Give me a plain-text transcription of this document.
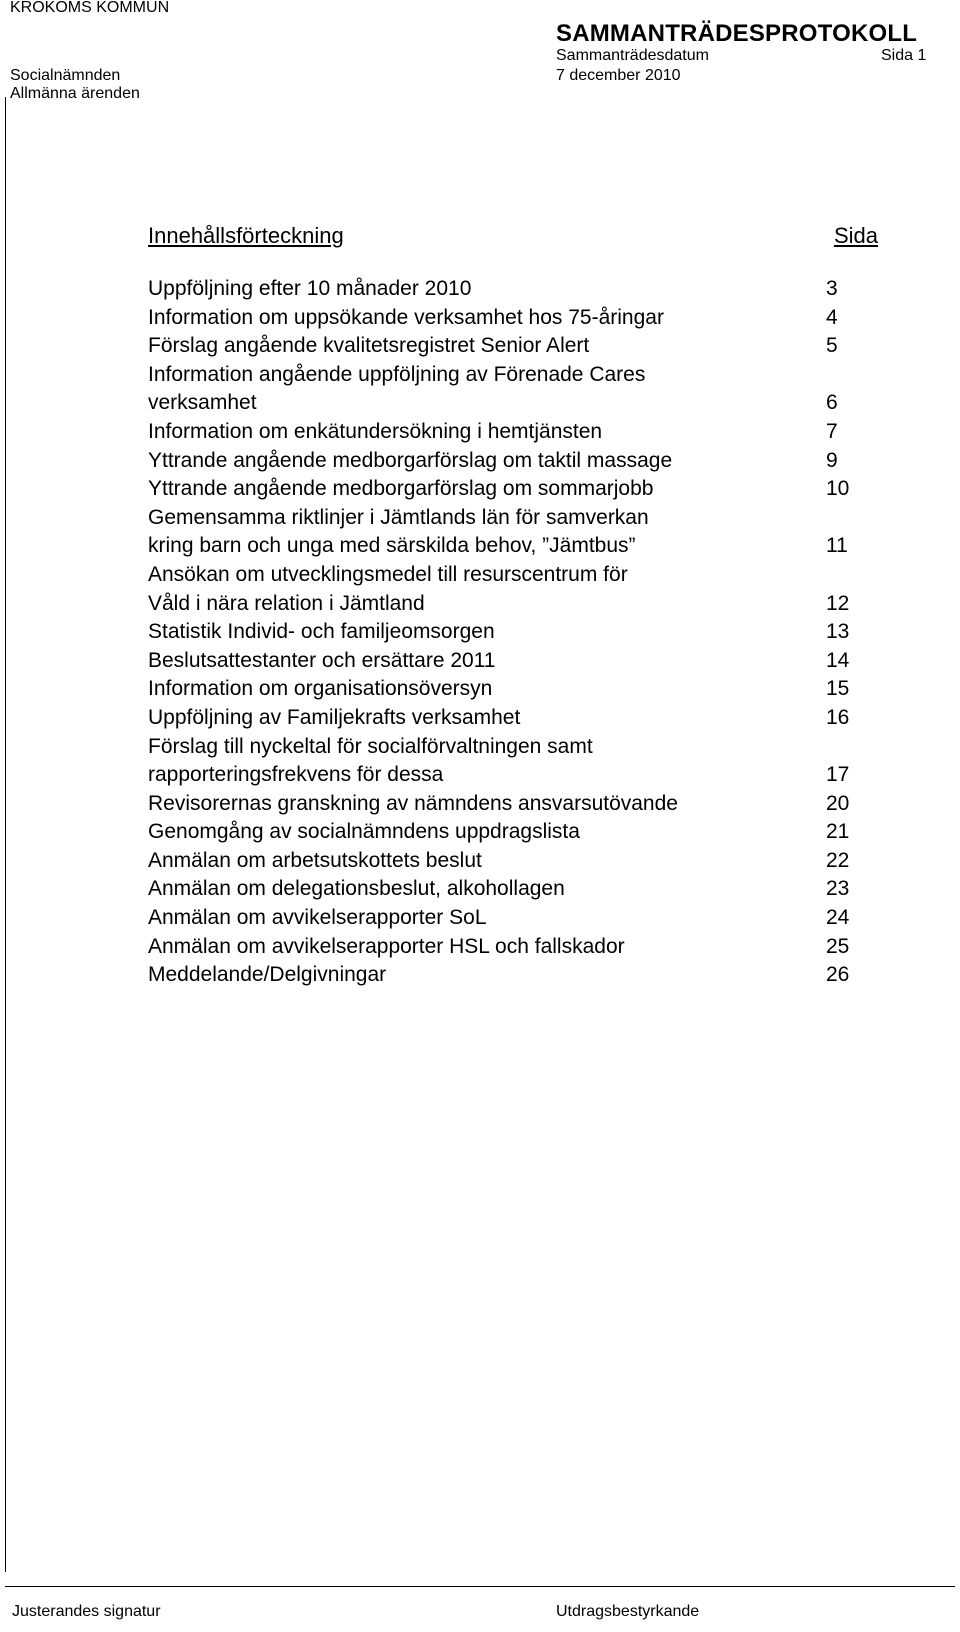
KROKOMS KOMMUN
SAMMANTRÄDESPROTOKOLL
Sammanträdesdatum	Sida 1
Socialnämnden	7 december 2010
Allmänna ärenden
Innehållsförteckning	Sida
Uppföljning efter 10 månader 2010	3
Information om uppsökande verksamhet hos 75-åringar	4
Förslag angående kvalitetsregistret Senior Alert	5
Information angående uppföljning av Förenade Cares
verksamhet	6
Information om enkätundersökning i hemtjänsten	7
Yttrande angående medborgarförslag om taktil massage	9
Yttrande angående medborgarförslag om sommarjobb	10
Gemensamma riktlinjer i Jämtlands län för samverkan
kring barn och unga med särskilda behov, ”Jämtbus”	11
Ansökan om utvecklingsmedel till resurscentrum för
Våld i nära relation i Jämtland	12
Statistik Individ- och familjeomsorgen	13
Beslutsattestanter och ersättare 2011	14
Information om organisationsöversyn	15
Uppföljning av Familjekrafts verksamhet	16
Förslag till nyckeltal för socialförvaltningen samt
rapporteringsfrekvens för dessa	17
Revisorernas granskning av nämndens ansvarsutövande	20
Genomgång av socialnämndens uppdragslista	21
Anmälan om arbetsutskottets beslut	22
Anmälan om delegationsbeslut, alkohollagen	23
Anmälan om avvikelserapporter SoL	24
Anmälan om avvikelserapporter HSL och fallskador	25
Meddelande/Delgivningar	26
Justerandes signatur	Utdragsbestyrkande
